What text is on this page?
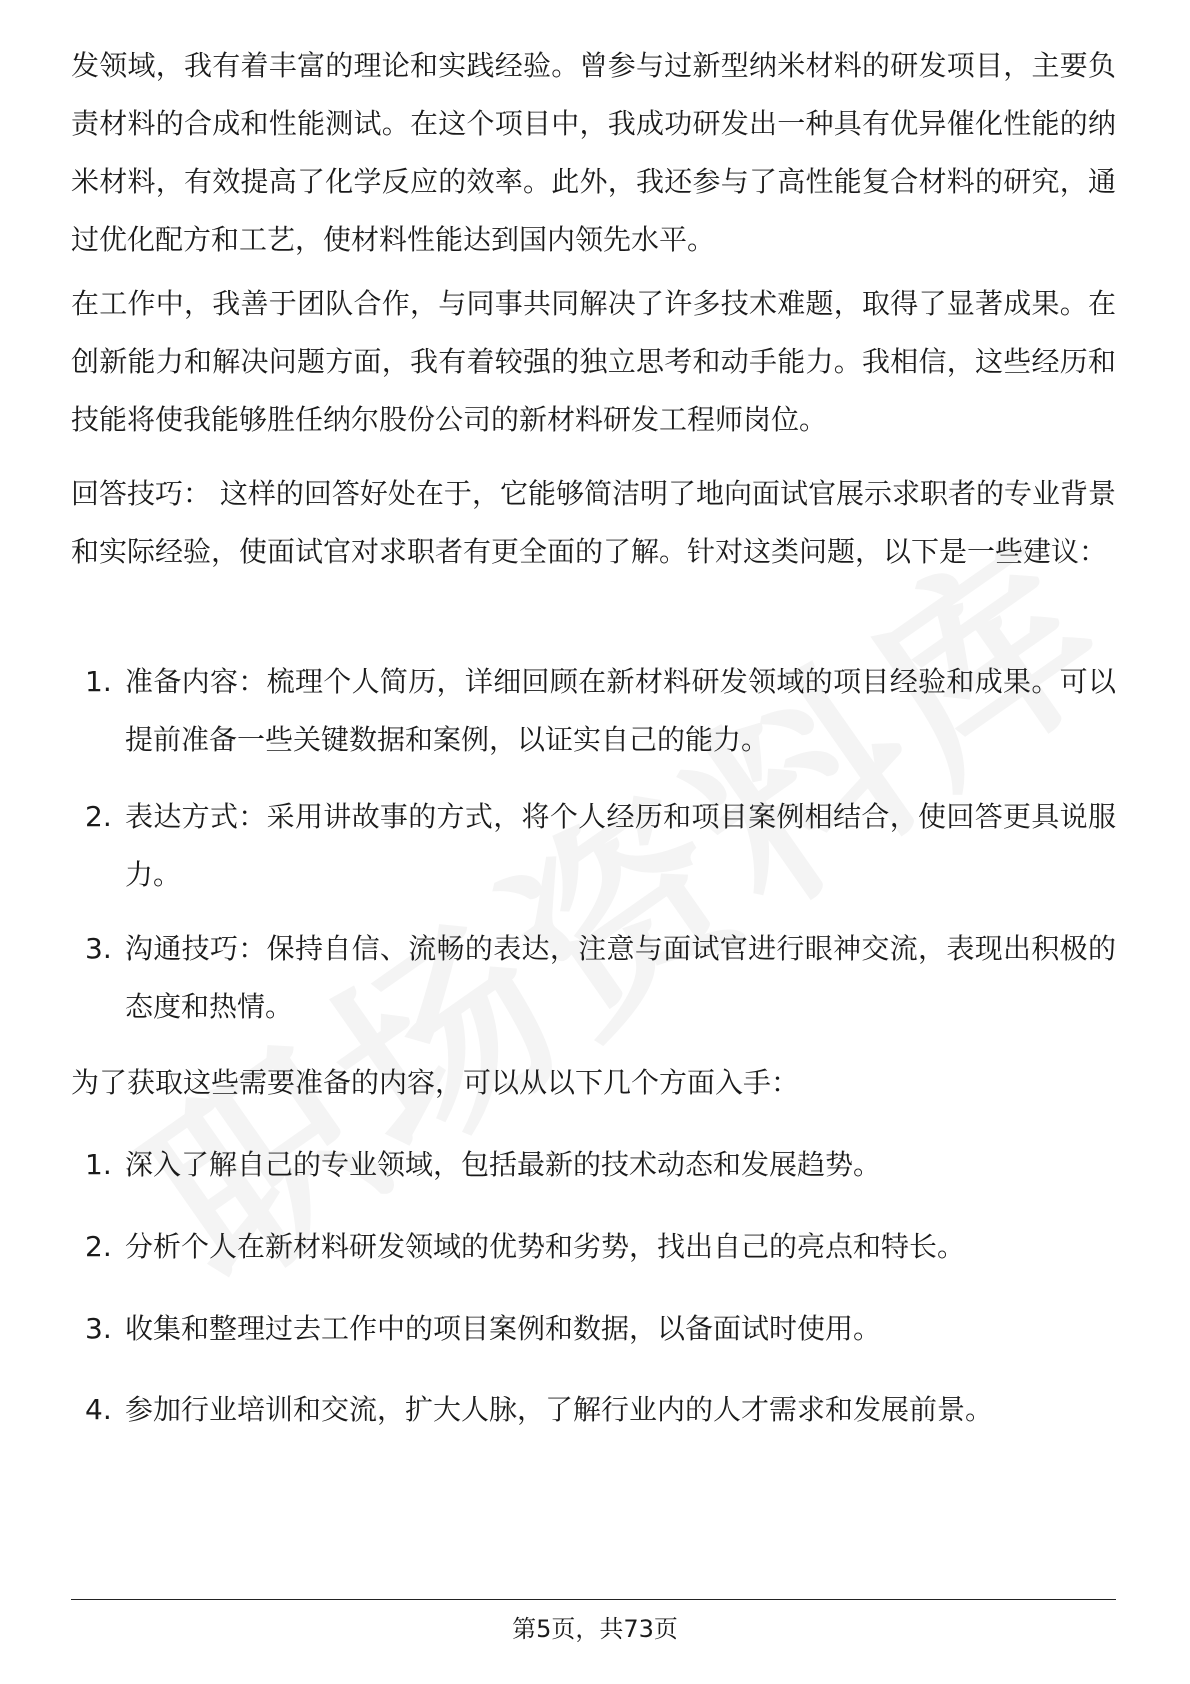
发领域，我有着丰富的理论和实践经验。曾参与过新型纳米材料的研发项目，主要负责材料的合成和性能测试。在这个项目中，我成功研发出一种具有优异催化性能的纳米材料，有效提高了化学反应的效率。此外，我还参与了高性能复合材料的研究，通过优化配方和工艺，使材料性能达到国内领先水平。

在工作中，我善于团队合作，与同事共同解决了许多技术难题，取得了显著成果。在创新能力和解决问题方面，我有着较强的独立思考和动手能力。我相信，这些经历和技能将使我能够胜任纳尔股份公司的新材料研发工程师岗位。

回答技巧： 这样的回答好处在于，它能够简洁明了地向面试官展示求职者的专业背景和实际经验，使面试官对求职者有更全面的了解。针对这类问题，以下是一些建议：

1. 准备内容：梳理个人简历，详细回顾在新材料研发领域的项目经验和成果。可以提前准备一些关键数据和案例，以证实自己的能力。
2. 表达方式：采用讲故事的方式，将个人经历和项目案例相结合，使回答更具说服力。
3. 沟通技巧：保持自信、流畅的表达，注意与面试官进行眼神交流，表现出积极的态度和热情。

为了获取这些需要准备的内容，可以从以下几个方面入手：

1. 深入了解自己的专业领域，包括最新的技术动态和发展趋势。
2. 分析个人在新材料研发领域的优势和劣势，找出自己的亮点和特长。
3. 收集和整理过去工作中的项目案例和数据，以备面试时使用。
4. 参加行业培训和交流，扩大人脉，了解行业内的人才需求和发展前景。
第5页，共73页
